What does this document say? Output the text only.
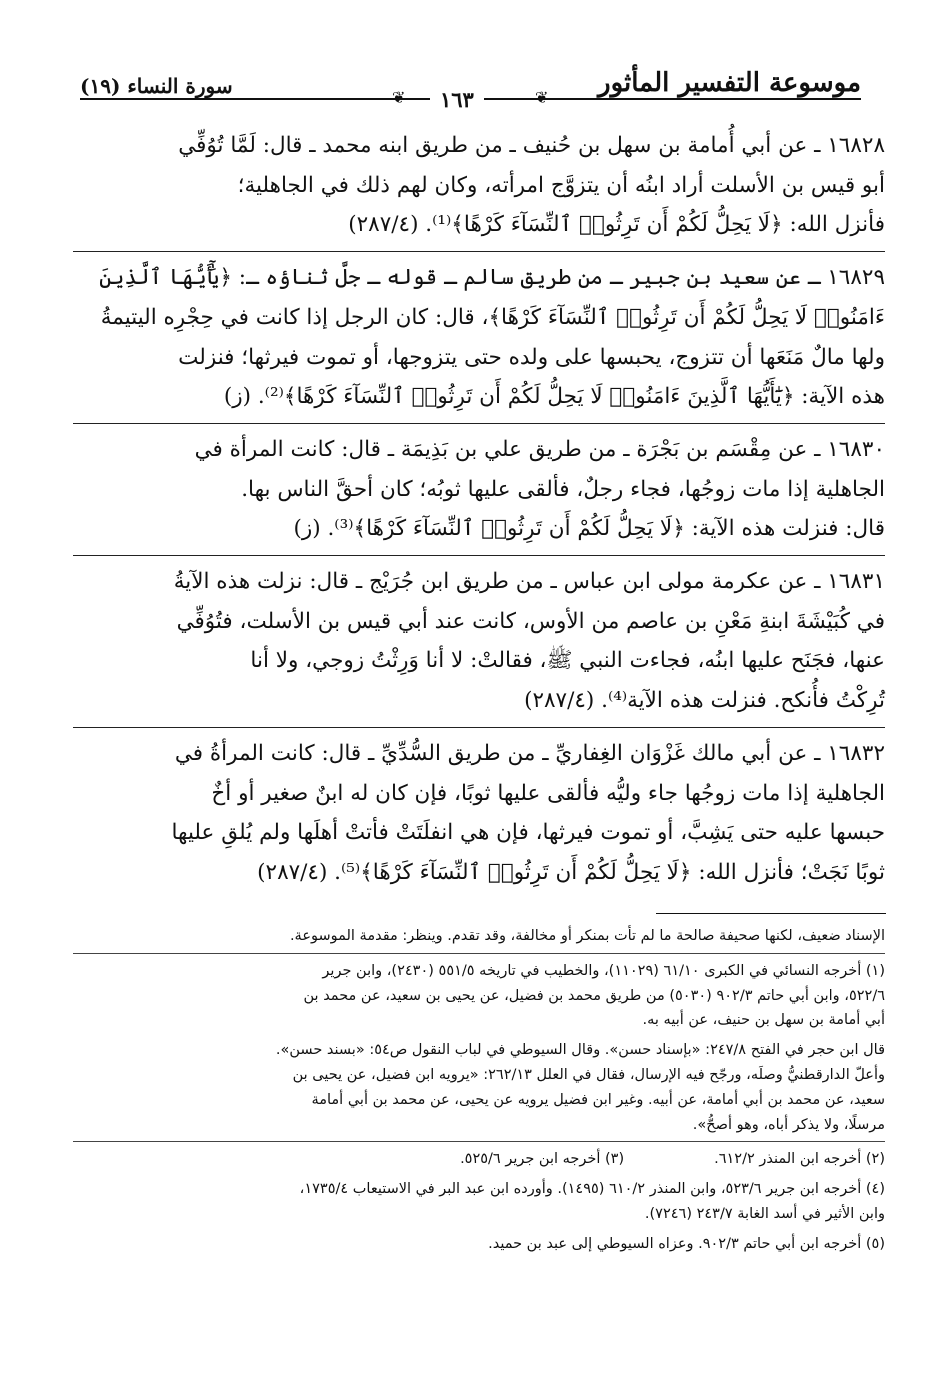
موسوعة التفسير المأثور
سورة النساء (١٩)	❦
❦	١٦٣
١٦٨٢٨ ـ عن أبي أُمامة بن سهل بن حُنيف ـ من طريق ابنه محمد ـ قال: لَمَّا تُوُفِّي
أبو قيس بن الأسلت أراد ابنُه أن يتزوَّج امرأته، وكان لهم ذلك في الجاهلية؛
فأنزل الله: ﴿لَا يَحِلُّ لَكُمْ أَن تَرِثُوا۟ ٱلنِّسَآءَ كَرْهًا﴾⁽¹⁾. (٢٨٧/٤)
١٦٨٢٩ ـ عن سعيد بن جبير ـ من طريق سالم ـ قوله ـ جلَّ ثناؤه ـ: ﴿يَٰٓأَيُّهَا ٱلَّذِينَ
ءَامَنُوا۟ لَا يَحِلُّ لَكُمْ أَن تَرِثُوا۟ ٱلنِّسَآءَ كَرْهًا﴾، قال: كان الرجل إذا كانت في حِجْرِه اليتيمةُ
ولها مالٌ مَنَعَها أن تتزوج، يحبسها على ولده حتى يتزوجها، أو تموت فيرثها؛ فنزلت
هذه الآية: ﴿يَٰٓأَيُّهَا ٱلَّذِينَ ءَامَنُوا۟ لَا يَحِلُّ لَكُمْ أَن تَرِثُوا۟ ٱلنِّسَآءَ كَرْهًا﴾⁽²⁾. (ز)
١٦٨٣٠ ـ عن مِقْسَم بن بَجْرَة ـ من طريق علي بن بَذِيمَة ـ قال: كانت المرأة في
الجاهلية إذا مات زوجُها، فجاء رجلٌ، فألقى عليها ثوبُه؛ كان أحقَّ الناس بها.
قال: فنزلت هذه الآية: ﴿لَا يَحِلُّ لَكُمْ أَن تَرِثُوا۟ ٱلنِّسَآءَ كَرْهًا﴾⁽³⁾. (ز)
١٦٨٣١ ـ عن عكرمة مولى ابن عباس ـ من طريق ابن جُرَيْج ـ قال: نزلت هذه الآيةُ
في كُبَيْشَةَ ابنةِ مَعْنِ بن عاصم من الأوس، كانت عند أبي قيس بن الأسلت، فتُوُفِّي
عنها، فجَنَح عليها ابنُه، فجاءت النبي ﷺ، فقالتْ: لا أنا وَرِثْتُ زوجي، ولا أنا
تُرِكْتُ فأُنكح. فنزلت هذه الآية⁽⁴⁾. (٢٨٧/٤)
١٦٨٣٢ ـ عن أبي مالك غَزْوَان الغِفاريِّ ـ من طريق السُّدِّيِّ ـ قال: كانت المرأةُ في
الجاهلية إذا مات زوجُها جاء وليُّه فألقى عليها ثوبًا، فإن كان له ابنٌ صغير أو أخٌ
حبسها عليه حتى يَشِبَّ، أو تموت فيرثها، فإن هي انفلَتَتْ فأتتْ أهلَها ولم يُلقِ عليها
ثوبًا نَجَتْ؛ فأنزل الله: ﴿لَا يَحِلُّ لَكُمْ أَن تَرِثُوا۟ ٱلنِّسَآءَ كَرْهًا﴾⁽⁵⁾. (٢٨٧/٤)
الإسناد ضعيف، لكنها صحيفة صالحة ما لم تأت بمنكر أو مخالفة، وقد تقدم. وينظر: مقدمة الموسوعة.
(١) أخرجه النسائي في الكبرى ٦١/١٠ (١١٠٢٩)، والخطيب في تاريخه ٥٥١/٥ (٢٤٣٠)، وابن جرير
٥٢٢/٦، وابن أبي حاتم ٩٠٢/٣ (٥٠٣٠) من طريق محمد بن فضيل، عن يحيى بن سعيد، عن محمد بن
أبي أمامة بن سهل بن حنيف، عن أبيه به.
قال ابن حجر في الفتح ٢٤٧/٨: «بإسناد حسن». وقال السيوطي في لباب النقول ص٥٤: «بسند حسن».
وأعلّ الدارقطنيُّ وصلَه، ورجّح فيه الإرسال، فقال في العلل ٢٦٢/١٣: «يرويه ابن فضيل، عن يحيى بن
سعيد، عن محمد بن أبي أمامة، عن أبيه. وغير ابن فضيل يرويه عن يحيى، عن محمد بن أبي أمامة
مرسلًا، ولا يذكر أباه، وهو أصحُّ».
(٢) أخرجه ابن المنذر ٦١٢/٢.
(٣) أخرجه ابن جرير ٥٢٥/٦.
(٤) أخرجه ابن جرير ٥٢٣/٦، وابن المنذر ٦١٠/٢ (١٤٩٥). وأورده ابن عبد البر في الاستيعاب ١٧٣٥/٤،
وابن الأثير في أسد الغابة ٢٤٣/٧ (٧٢٤٦).
(٥) أخرجه ابن أبي حاتم ٩٠٢/٣. وعزاه السيوطي إلى عبد بن حميد.
